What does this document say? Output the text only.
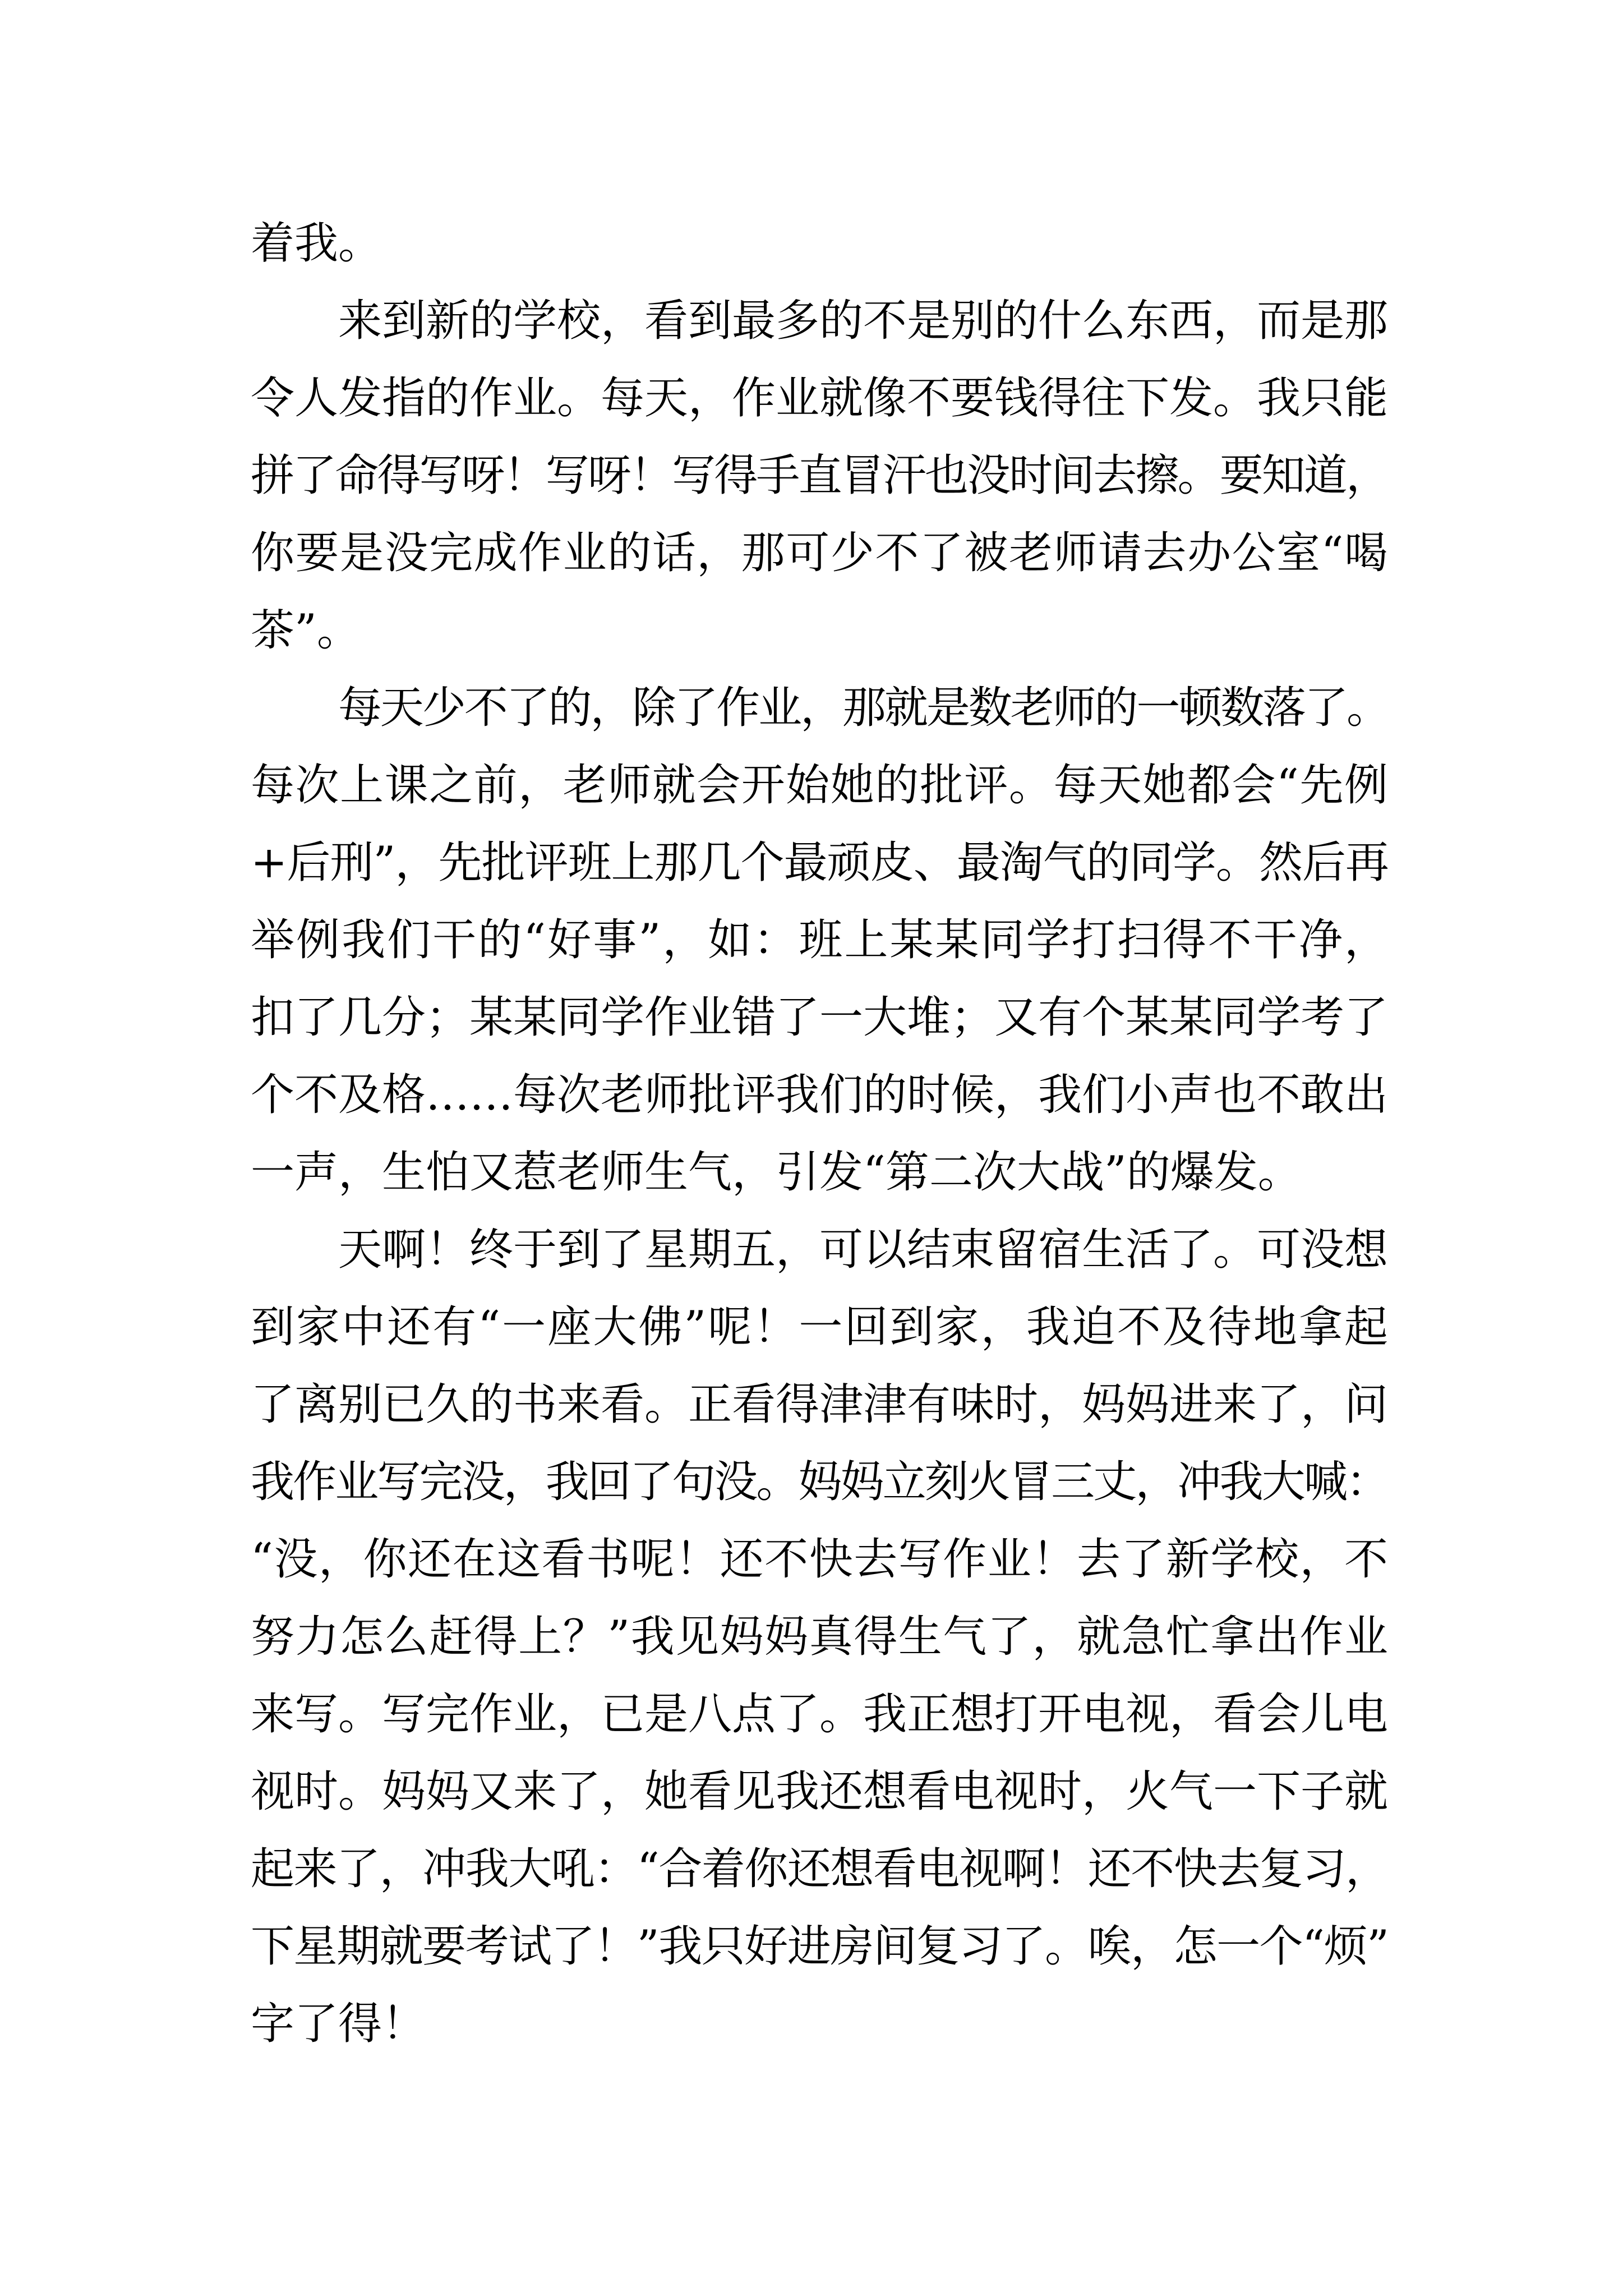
着我。

来到新的学校，看到最多的不是别的什么东西，而是那
令人发指的作业。每天，作业就像不要钱得往下发。我只能
拼了命得写呀！写呀！写得手直冒汗也没时间去擦。要知道，
你要是没完成作业的话，那可少不了被老师请去办公室“喝
茶”。

每天少不了的，除了作业，那就是数老师的一顿数落了。
每次上课之前，老师就会开始她的批评。每天她都会“先例
+后刑”，先批评班上那几个最顽皮、最淘气的同学。然后再
举例我们干的“好事”，如：班上某某同学打扫得不干净，
扣了几分；某某同学作业错了一大堆；又有个某某同学考了
个不及格……每次老师批评我们的时候，我们小声也不敢出
一声，生怕又惹老师生气，引发“第二次大战”的爆发。

天啊！终于到了星期五，可以结束留宿生活了。可没想
到家中还有“一座大佛”呢！一回到家，我迫不及待地拿起
了离别已久的书来看。正看得津津有味时，妈妈进来了，问
我作业写完没，我回了句没。妈妈立刻火冒三丈，冲我大喊：
“没，你还在这看书呢！还不快去写作业！去了新学校，不
努力怎么赶得上？”我见妈妈真得生气了，就急忙拿出作业
来写。写完作业，已是八点了。我正想打开电视，看会儿电
视时。妈妈又来了，她看见我还想看电视时，火气一下子就
起来了，冲我大吼：“合着你还想看电视啊！还不快去复习，
下星期就要考试了！”我只好进房间复习了。唉，怎一个“烦”
字了得！
